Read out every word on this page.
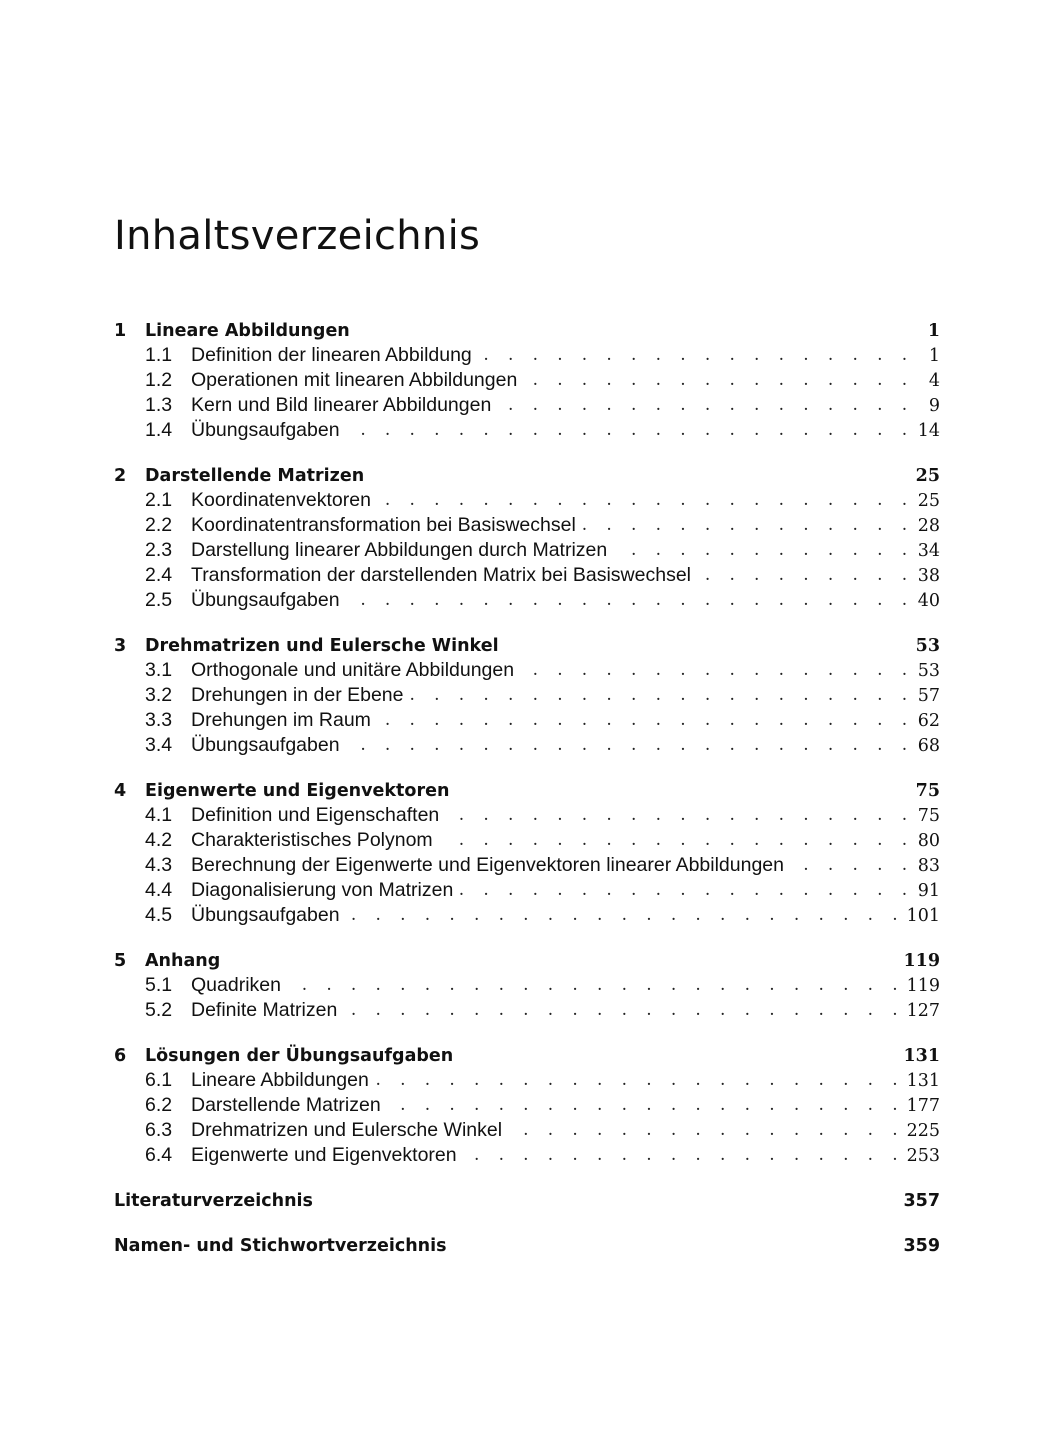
Inhaltsverzeichnis
1	Lineare Abbildungen	1
1.1 Definition der linearen Abbildung . . .	1
1.2 Operationen mit linearen Abbildungen . . .	4
1.3 Kern und Bild linearer Abbildungen . . .	9
1.4 Übungsaufgaben . . .	14
2	Darstellende Matrizen	25
2.1 Koordinatenvektoren . . .	25
2.2 Koordinatentransformation bei Basiswechsel . . .	28
2.3 Darstellung linearer Abbildungen durch Matrizen . . .	34
2.4 Transformation der darstellenden Matrix bei Basiswechsel . . .	38
2.5 Übungsaufgaben . . .	40
3	Drehmatrizen und Eulersche Winkel	53
3.1 Orthogonale und unitäre Abbildungen . . .	53
3.2 Drehungen in der Ebene . . .	57
3.3 Drehungen im Raum . . .	62
3.4 Übungsaufgaben . . .	68
4	Eigenwerte und Eigenvektoren	75
4.1 Definition und Eigenschaften . . .	75
4.2 Charakteristisches Polynom . . .	80
4.3 Berechnung der Eigenwerte und Eigenvektoren linearer Abbildungen . . .	83
4.4 Diagonalisierung von Matrizen . . .	91
4.5 Übungsaufgaben . . .	101
5	Anhang	119
5.1 Quadriken . . .	119
5.2 Definite Matrizen . . .	127
6	Lösungen der Übungsaufgaben	131
6.1 Lineare Abbildungen . . .	131
6.2 Darstellende Matrizen . . .	177
6.3 Drehmatrizen und Eulersche Winkel . . .	225
6.4 Eigenwerte und Eigenvektoren . . .	253
Literaturverzeichnis	357
Namen- und Stichwortverzeichnis	359
